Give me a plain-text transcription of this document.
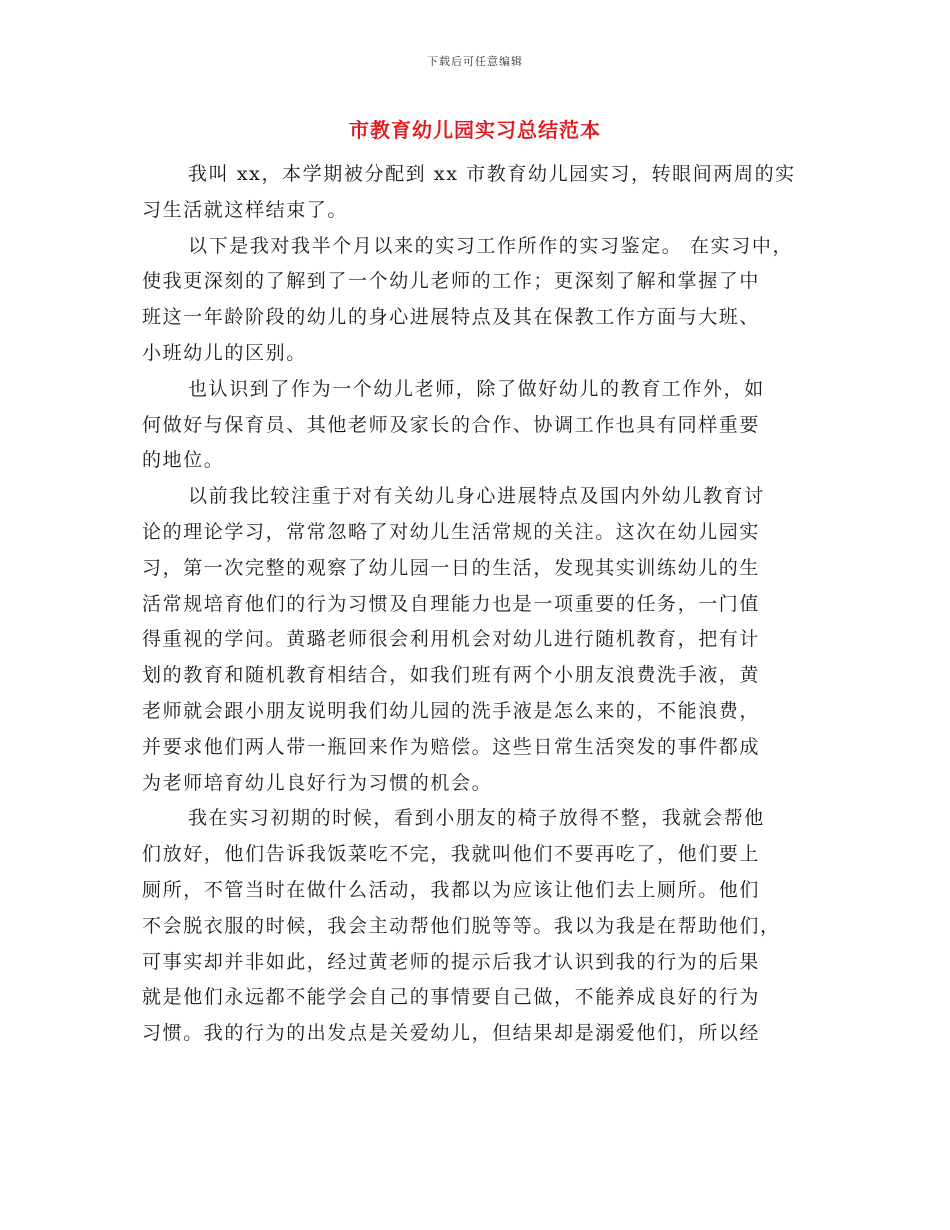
下载后可任意编辑
市教育幼儿园实习总结范本
我叫 xx，本学期被分配到 xx 市教育幼儿园实习，转眼间两周的实
习生活就这样结束了。
以下是我对我半个月以来的实习工作所作的实习鉴定。 在实习中，
使我更深刻的了解到了一个幼儿老师的工作；更深刻了解和掌握了中
班这一年龄阶段的幼儿的身心进展特点及其在保教工作方面与大班、
小班幼儿的区别。
也认识到了作为一个幼儿老师，除了做好幼儿的教育工作外，如
何做好与保育员、其他老师及家长的合作、协调工作也具有同样重要
的地位。
以前我比较注重于对有关幼儿身心进展特点及国内外幼儿教育讨
论的理论学习，常常忽略了对幼儿生活常规的关注。这次在幼儿园实
习，第一次完整的观察了幼儿园一日的生活，发现其实训练幼儿的生
活常规培育他们的行为习惯及自理能力也是一项重要的任务，一门值
得重视的学问。黄璐老师很会利用机会对幼儿进行随机教育，把有计
划的教育和随机教育相结合，如我们班有两个小朋友浪费洗手液，黄
老师就会跟小朋友说明我们幼儿园的洗手液是怎么来的，不能浪费，
并要求他们两人带一瓶回来作为赔偿。这些日常生活突发的事件都成
为老师培育幼儿良好行为习惯的机会。
我在实习初期的时候，看到小朋友的椅子放得不整，我就会帮他
们放好，他们告诉我饭菜吃不完，我就叫他们不要再吃了，他们要上
厕所，不管当时在做什么活动，我都以为应该让他们去上厕所。他们
不会脱衣服的时候，我会主动帮他们脱等等。我以为我是在帮助他们，
可事实却并非如此，经过黄老师的提示后我才认识到我的行为的后果
就是他们永远都不能学会自己的事情要自己做，不能养成良好的行为
习惯。我的行为的出发点是关爱幼儿，但结果却是溺爱他们，所以经
